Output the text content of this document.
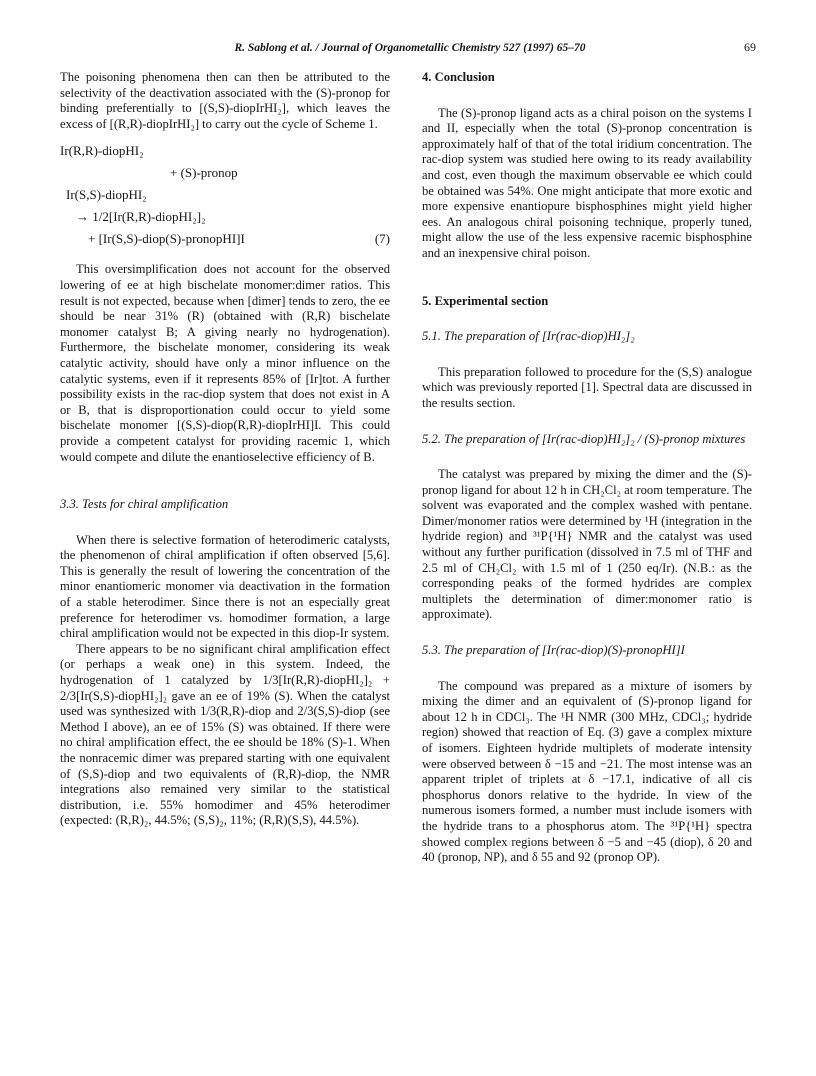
R. Sablong et al. / Journal of Organometallic Chemistry 527 (1997) 65–70	69

The poisoning phenomena then can then be attributed to the selectivity of the deactivation associated with the (S)-pronop for binding preferentially to [(S,S)-diopIrHI₂], which leaves the excess of [(R,R)-diopIrHI₂] to carry out the cycle of Scheme 1.

Ir(R,R)-diopHI₂
+ (S)-pronop
Ir(S,S)-diopHI₂
→ 1/2[Ir(R,R)-diopHI₂]₂
+ [Ir(S,S)-diop(S)-pronopHI]I	(7)

This oversimplification does not account for the observed lowering of ee at high bischelate monomer:dimer ratios. This result is not expected, because when [dimer] tends to zero, the ee should be near 31% (R) (obtained with (R,R) bischelate monomer catalyst B; A giving nearly no hydrogenation). Furthermore, the bischelate monomer, considering its weak catalytic activity, should have only a minor influence on the catalytic systems, even if it represents 85% of [Ir]tot. A further possibility exists in the rac-diop system that does not exist in A or B, that is disproportionation could occur to yield some bischelate monomer [(S,S)-diop(R,R)-diopIrHI]I. This could provide a competent catalyst for providing racemic 1, which would compete and dilute the enantioselective efficiency of B.

3.3. Tests for chiral amplification

When there is selective formation of heterodimeric catalysts, the phenomenon of chiral amplification if often observed [5,6]. This is generally the result of lowering the concentration of the minor enantiomeric monomer via deactivation in the formation of a stable heterodimer. Since there is not an especially great preference for heterodimer vs. homodimer formation, a large chiral amplification would not be expected in this diop-Ir system.

There appears to be no significant chiral amplification effect (or perhaps a weak one) in this system. Indeed, the hydrogenation of 1 catalyzed by 1/3[Ir(R,R)-diopHI₂]₂ + 2/3[Ir(S,S)-diopHI₂]₂ gave an ee of 19% (S). When the catalyst used was synthesized with 1/3(R,R)-diop and 2/3(S,S)-diop (see Method I above), an ee of 15% (S) was obtained. If there were no chiral amplification effect, the ee should be 18% (S)-1. When the nonracemic dimer was prepared starting with one equivalent of (S,S)-diop and two equivalents of (R,R)-diop, the NMR integrations also remained very similar to the statistical distribution, i.e. 55% homodimer and 45% heterodimer (expected: (R,R)₂, 44.5%; (S,S)₂, 11%; (R,R)(S,S), 44.5%).

4. Conclusion

The (S)-pronop ligand acts as a chiral poison on the systems I and II, especially when the total (S)-pronop concentration is approximately half of that of the total iridium concentration. The rac-diop system was studied here owing to its ready availability and cost, even though the maximum observable ee which could be obtained was 54%. One might anticipate that more exotic and more expensive enantiopure bisphosphines might yield higher ees. An analogous chiral poisoning technique, properly tuned, might allow the use of the less expensive racemic bisphosphine and an inexpensive chiral poison.

5. Experimental section
5.1. The preparation of [Ir(rac-diop)HI₂]₂

This preparation followed to procedure for the (S,S) analogue which was previously reported [1]. Spectral data are discussed in the results section.

5.2. The preparation of [Ir(rac-diop)HI₂]₂ / (S)-pronop mixtures

The catalyst was prepared by mixing the dimer and the (S)-pronop ligand for about 12 h in CH₂Cl₂ at room temperature. The solvent was evaporated and the complex washed with pentane. Dimer/monomer ratios were determined by ¹H (integration in the hydride region) and ³¹P{¹H} NMR and the catalyst was used without any further purification (dissolved in 7.5 ml of THF and 2.5 ml of CH₂Cl₂ with 1.5 ml of 1 (250 eq/Ir). (N.B.: as the corresponding peaks of the formed hydrides are complex multiplets the determination of dimer:monomer ratio is approximate).

5.3. The preparation of [Ir(rac-diop)(S)-pronopHI]I

The compound was prepared as a mixture of isomers by mixing the dimer and an equivalent of (S)-pronop ligand for about 12 h in CDCl₃. The ¹H NMR (300 MHz, CDCl₃; hydride region) showed that reaction of Eq. (3) gave a complex mixture of isomers. Eighteen hydride multiplets of moderate intensity were observed between δ −15 and −21. The most intense was an apparent triplet of triplets at δ −17.1, indicative of all cis phosphorus donors relative to the hydride. In view of the numerous isomers formed, a number must include isomers with the hydride trans to a phosphorus atom. The ³¹P{¹H} spectra showed complex regions between δ −5 and −45 (diop), δ 20 and 40 (pronop, NP), and δ 55 and 92 (pronop OP).
